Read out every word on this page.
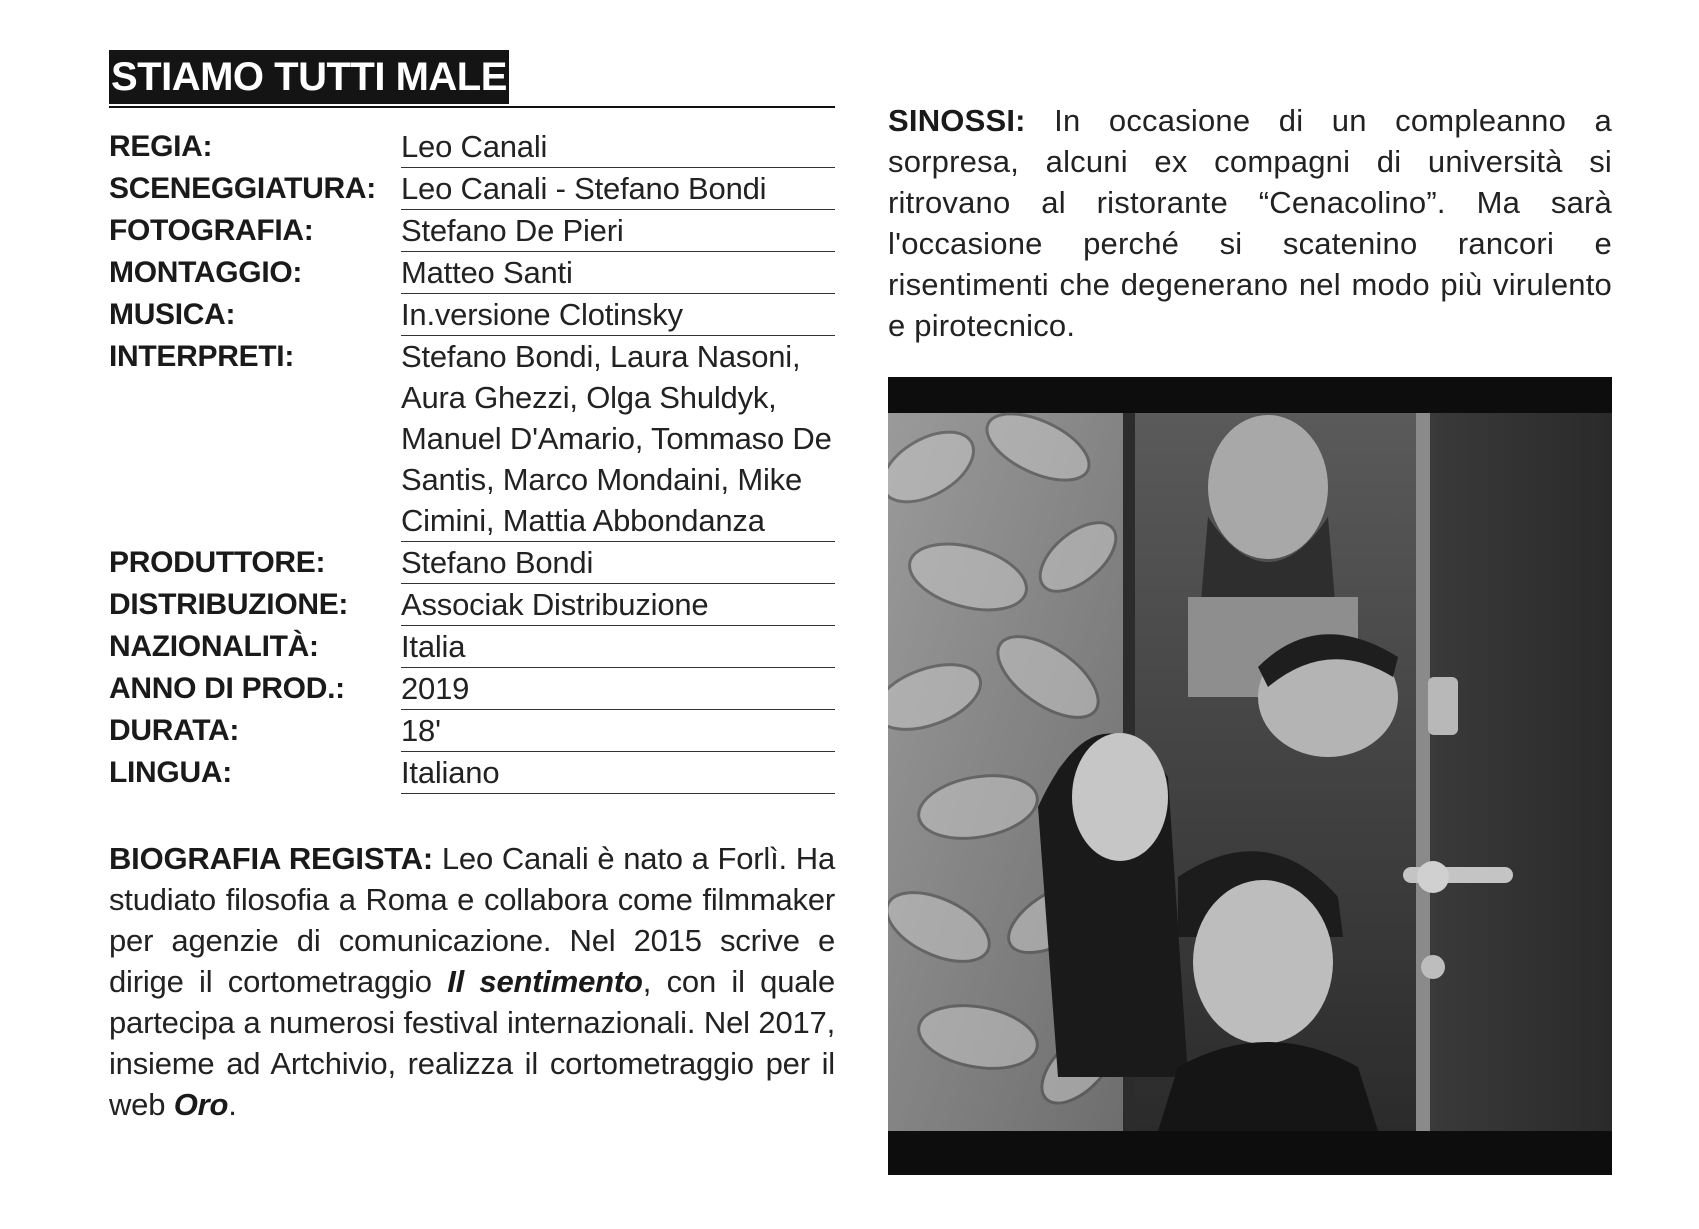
STIAMO TUTTI MALE
REGIA:	Leo Canali
SCENEGGIATURA: Leo Canali - Stefano Bondi
FOTOGRAFIA:	Stefano De Pieri
MONTAGGIO:	Matteo Santi
MUSICA:	In.versione Clotinsky
INTERPRETI:	Stefano Bondi, Laura Nasoni, Aura Ghezzi, Olga Shuldyk, Manuel D'Amario, Tommaso De Santis, Marco Mondaini, Mike Cimini, Mattia Abbondanza
PRODUTTORE:	Stefano Bondi
DISTRIBUZIONE:	Associak Distribuzione
NAZIONALITÀ:	Italia
ANNO DI PROD.:	2019
DURATA:	18'
LINGUA:	Italiano
BIOGRAFIA REGISTA: Leo Canali è nato a Forlì. Ha studiato filosofia a Roma e collabora come filmmaker per agenzie di comunicazione. Nel 2015 scrive e dirige il cortometraggio Il sentimento, con il quale partecipa a numerosi festival internazionali. Nel 2017, insieme ad Artchivio, realizza il cortometraggio per il web Oro.
SINOSSI: In occasione di un compleanno a sorpresa, alcuni ex compagni di università si ritrovano al ristorante “Cenacolino”. Ma sarà l'occasione perché si scatenino rancori e risentimenti che degenerano nel modo più virulento e pirotecnico.
